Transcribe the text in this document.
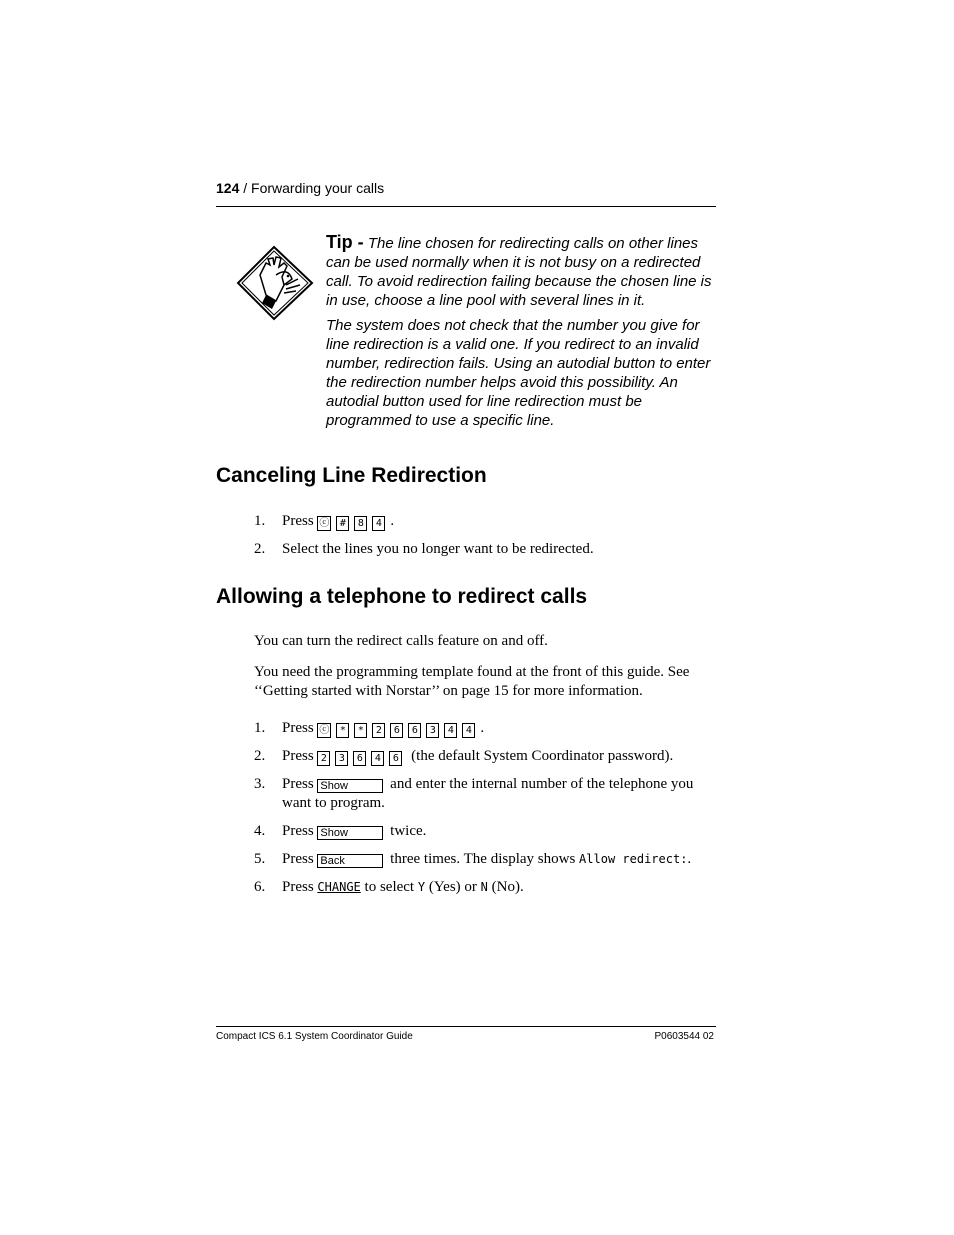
124 / Forwarding your calls

Tip - The line chosen for redirecting calls on other lines can be used normally when it is not busy on a redirected call. To avoid redirection failing because the chosen line is in use, choose a line pool with several lines in it.

The system does not check that the number you give for line redirection is a valid one. If you redirect to an invalid number, redirection fails. Using an autodial button to enter the redirection number helps avoid this possibility. An autodial button used for line redirection must be programmed to use a specific line.

Canceling Line Redirection
1. Press ⓒ # 8 4 .
2. Select the lines you no longer want to be redirected.
Allowing a telephone to redirect calls

You can turn the redirect calls feature on and off.

You need the programming template found at the front of this guide. See ‘‘Getting started with Norstar’’ on page 15 for more information.

1. Press ⓒ * * 2 6 6 3 4 4 .
2. Press 2 3 6 4 6 (the default System Coordinator password).
3. Press Show	and enter the internal number of the telephone you want to program.
4. Press Show	twice.
5. Press Back	three times. The display shows Allow redirect:.
6. Press CHANGE to select Y (Yes) or N (No).
Compact ICS 6.1 System Coordinator Guide	P0603544 02
